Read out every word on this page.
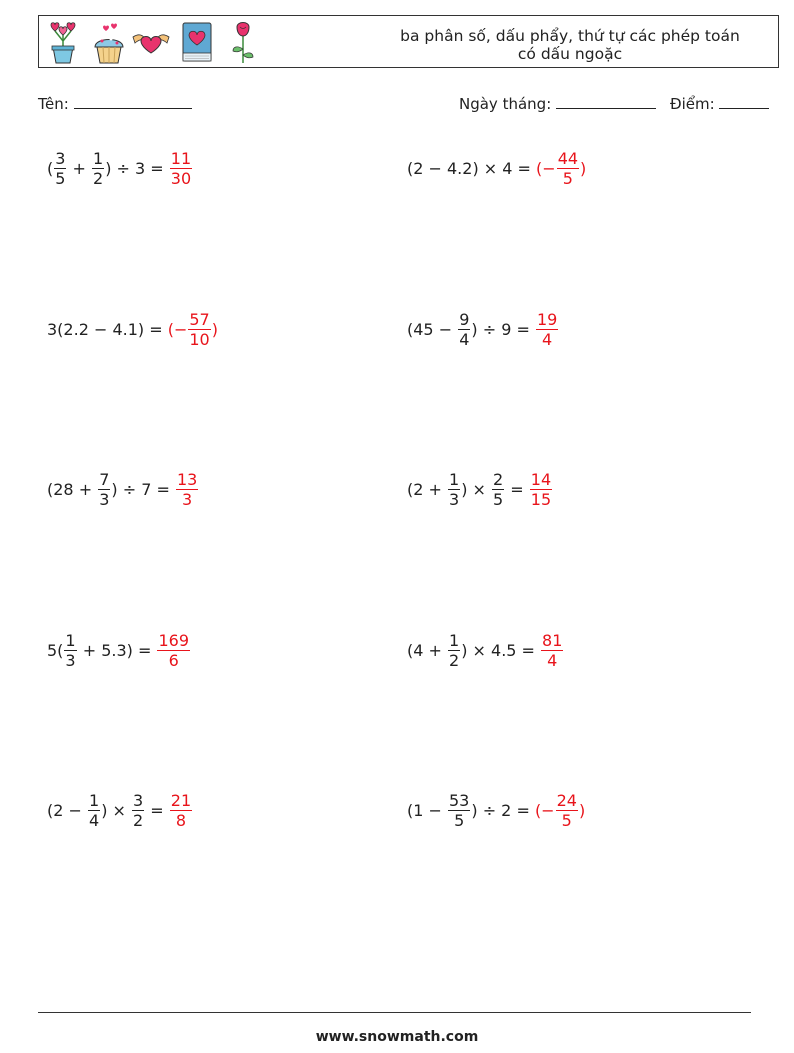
ba phân số, dấu phẩy, thứ tự các phép toán
có dấu ngoặc
Tên:	Ngày tháng:	Điểm:
( $\frac{3}{5} + \frac{1}{2}$ ) ÷ $3 = \frac{11}{30}$	(2 − 4.2) × 4 = (− $\frac{44}{5}$ )
3(2.2 − 4.1) = (− $\frac{57}{10}$ )	($45 - \frac{9}{4}$ ) ÷ $9 = \frac{19}{4}$
($28 + \frac{7}{3}$ ) ÷ $7 = \frac{13}{3}$	($2 + \frac{1}{3}$ ) × $\frac{2}{5} = \frac{14}{15}$
$5( \frac{1}{3} + 5.3) = \frac{169}{6}$	($4 + \frac{1}{2}$ ) × $4.5 = \frac{81}{4}$
($2 - \frac{1}{4}$ ) × $\frac{3}{2} = \frac{21}{8}$	($1 - \frac{53}{5}$ ) ÷ 2 = (− $\frac{24}{5}$ )
www.snowmath.com
